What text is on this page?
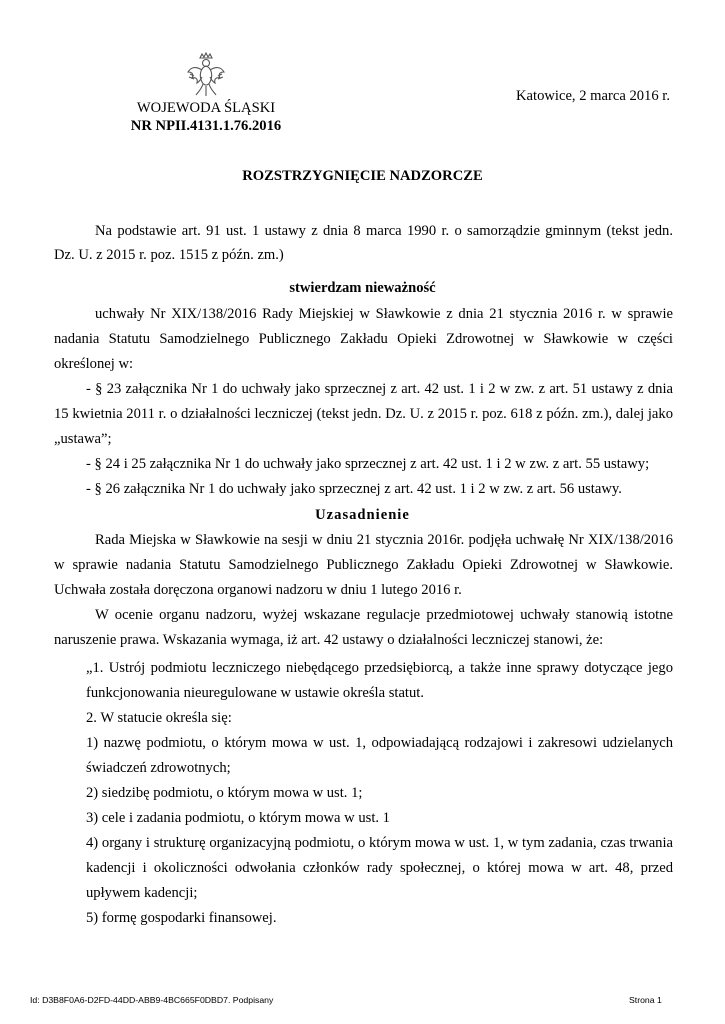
WOJEWODA ŚLĄSKI
NR NPII.4131.1.76.2016
Katowice, 2 marca 2016 r.
ROZSTRZYGNIĘCIE NADZORCZE
Na podstawie art. 91 ust. 1 ustawy z dnia 8 marca 1990 r. o samorządzie gminnym (tekst jedn.
Dz. U. z 2015 r. poz. 1515 z późn. zm.)
stwierdzam nieważność
uchwały Nr XIX/138/2016 Rady Miejskiej w Sławkowie z dnia 21 stycznia 2016 r. w sprawie
nadania Statutu Samodzielnego Publicznego Zakładu Opieki Zdrowotnej w Sławkowie w części
określonej w:
- § 23 załącznika Nr 1 do uchwały jako sprzecznej z art. 42 ust. 1 i 2 w zw. z art. 51 ustawy z dnia
15 kwietnia 2011 r. o działalności leczniczej (tekst jedn. Dz. U. z 2015 r. poz. 618 z późn. zm.), dalej jako
„ustawa”;
- § 24 i 25 załącznika Nr 1 do uchwały jako sprzecznej z art. 42 ust. 1 i 2 w zw. z art. 55 ustawy;
- § 26 załącznika Nr 1 do uchwały jako sprzecznej z art. 42 ust. 1 i 2 w zw. z art. 56 ustawy.
Uzasadnienie
Rada Miejska w Sławkowie na sesji w dniu 21 stycznia 2016r. podjęła uchwałę Nr XIX/138/2016
w sprawie nadania Statutu Samodzielnego Publicznego Zakładu Opieki Zdrowotnej w Sławkowie.
Uchwała została doręczona organowi nadzoru w dniu 1 lutego 2016 r.
W ocenie organu nadzoru, wyżej wskazane regulacje przedmiotowej uchwały stanowią istotne
naruszenie prawa. Wskazania wymaga, iż art. 42 ustawy o działalności leczniczej stanowi, że:
„1. Ustrój podmiotu leczniczego niebędącego przedsiębiorcą, a także inne sprawy dotyczące jego
funkcjonowania nieuregulowane w ustawie określa statut.
2. W statucie określa się:
1) nazwę podmiotu, o którym mowa w ust. 1, odpowiadającą rodzajowi i zakresowi udzielanych
świadczeń zdrowotnych;
2) siedzibę podmiotu, o którym mowa w ust. 1;
3) cele i zadania podmiotu, o którym mowa w ust. 1
4) organy i strukturę organizacyjną podmiotu, o którym mowa w ust. 1, w tym zadania, czas trwania
kadencji i okoliczności odwołania członków rady społecznej, o której mowa w art. 48, przed
upływem kadencji;
5) formę gospodarki finansowej.
Id: D3B8F0A6-D2FD-44DD-ABB9-4BC665F0DBD7. Podpisany	Strona 1
